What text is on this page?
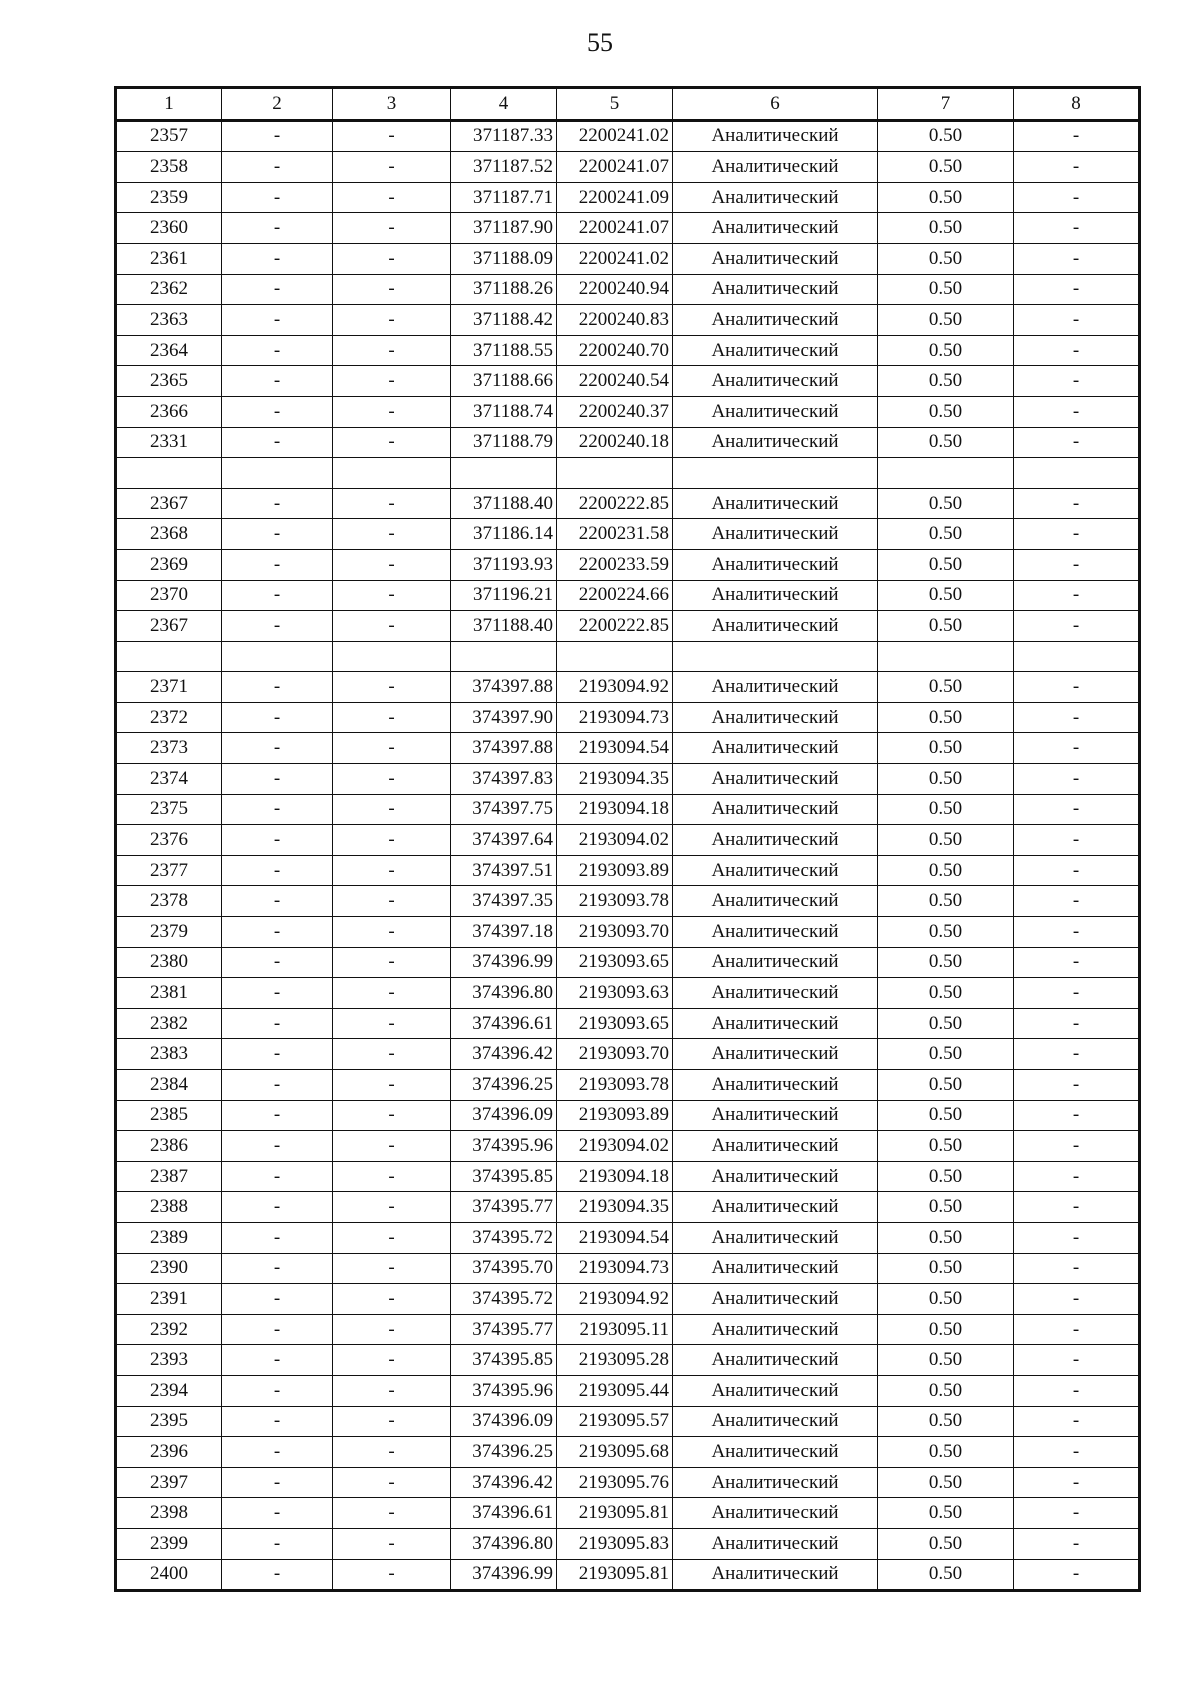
55
1	2	3	4	5	6	7	8
2357	-	-	371187.33	2200241.02	Аналитический	0.50	-
2358	-	-	371187.52	2200241.07	Аналитический	0.50	-
2359	-	-	371187.71	2200241.09	Аналитический	0.50	-
2360	-	-	371187.90	2200241.07	Аналитический	0.50	-
2361	-	-	371188.09	2200241.02	Аналитический	0.50	-
2362	-	-	371188.26	2200240.94	Аналитический	0.50	-
2363	-	-	371188.42	2200240.83	Аналитический	0.50	-
2364	-	-	371188.55	2200240.70	Аналитический	0.50	-
2365	-	-	371188.66	2200240.54	Аналитический	0.50	-
2366	-	-	371188.74	2200240.37	Аналитический	0.50	-
2331	-	-	371188.79	2200240.18	Аналитический	0.50	-

2367	-	-	371188.40	2200222.85	Аналитический	0.50	-
2368	-	-	371186.14	2200231.58	Аналитический	0.50	-
2369	-	-	371193.93	2200233.59	Аналитический	0.50	-
2370	-	-	371196.21	2200224.66	Аналитический	0.50	-
2367	-	-	371188.40	2200222.85	Аналитический	0.50	-

2371	-	-	374397.88	2193094.92	Аналитический	0.50	-
2372	-	-	374397.90	2193094.73	Аналитический	0.50	-
2373	-	-	374397.88	2193094.54	Аналитический	0.50	-
2374	-	-	374397.83	2193094.35	Аналитический	0.50	-
2375	-	-	374397.75	2193094.18	Аналитический	0.50	-
2376	-	-	374397.64	2193094.02	Аналитический	0.50	-
2377	-	-	374397.51	2193093.89	Аналитический	0.50	-
2378	-	-	374397.35	2193093.78	Аналитический	0.50	-
2379	-	-	374397.18	2193093.70	Аналитический	0.50	-
2380	-	-	374396.99	2193093.65	Аналитический	0.50	-
2381	-	-	374396.80	2193093.63	Аналитический	0.50	-
2382	-	-	374396.61	2193093.65	Аналитический	0.50	-
2383	-	-	374396.42	2193093.70	Аналитический	0.50	-
2384	-	-	374396.25	2193093.78	Аналитический	0.50	-
2385	-	-	374396.09	2193093.89	Аналитический	0.50	-
2386	-	-	374395.96	2193094.02	Аналитический	0.50	-
2387	-	-	374395.85	2193094.18	Аналитический	0.50	-
2388	-	-	374395.77	2193094.35	Аналитический	0.50	-
2389	-	-	374395.72	2193094.54	Аналитический	0.50	-
2390	-	-	374395.70	2193094.73	Аналитический	0.50	-
2391	-	-	374395.72	2193094.92	Аналитический	0.50	-
2392	-	-	374395.77	2193095.11	Аналитический	0.50	-
2393	-	-	374395.85	2193095.28	Аналитический	0.50	-
2394	-	-	374395.96	2193095.44	Аналитический	0.50	-
2395	-	-	374396.09	2193095.57	Аналитический	0.50	-
2396	-	-	374396.25	2193095.68	Аналитический	0.50	-
2397	-	-	374396.42	2193095.76	Аналитический	0.50	-
2398	-	-	374396.61	2193095.81	Аналитический	0.50	-
2399	-	-	374396.80	2193095.83	Аналитический	0.50	-
2400	-	-	374396.99	2193095.81	Аналитический	0.50	-
